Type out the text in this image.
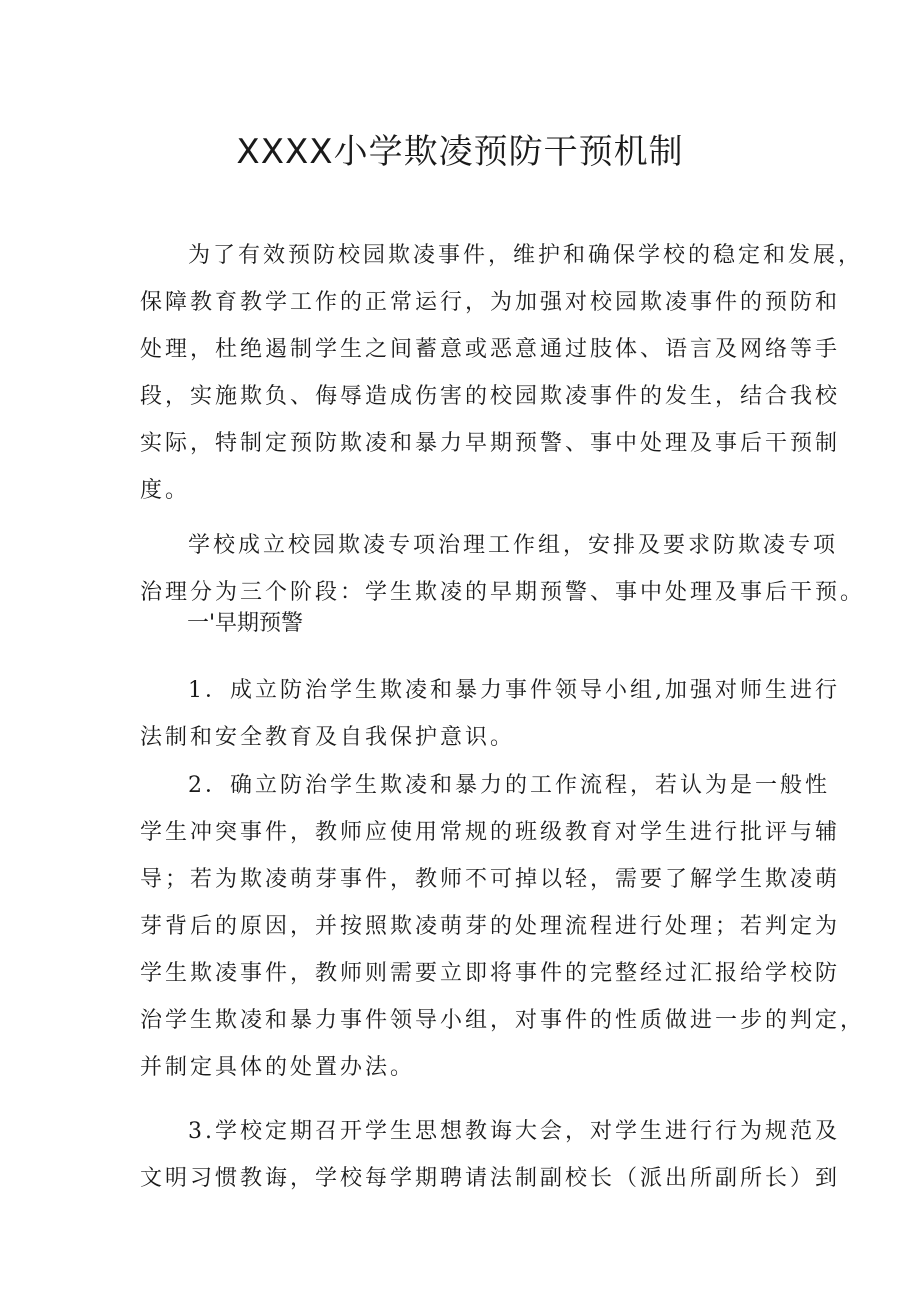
XXXX小学欺凌预防干预机制
为了有效预防校园欺凌事件，维护和确保学校的稳定和发展，
保障教育教学工作的正常运行，为加强对校园欺凌事件的预防和
处理，杜绝遏制学生之间蓄意或恶意通过肢体、语言及网络等手
段，实施欺负、侮辱造成伤害的校园欺凌事件的发生，结合我校
实际，特制定预防欺凌和暴力早期预警、事中处理及事后干预制
度。
学校成立校园欺凌专项治理工作组，安排及要求防欺凌专项
治理分为三个阶段：学生欺凌的早期预警、事中处理及事后干预。
一'早期预警
1．成立防治学生欺凌和暴力事件领导小组,加强对师生进行
法制和安全教育及自我保护意识。
2．确立防治学生欺凌和暴力的工作流程，若认为是一般性
学生冲突事件，教师应使用常规的班级教育对学生进行批评与辅
导；若为欺凌萌芽事件，教师不可掉以轻，需要了解学生欺凌萌
芽背后的原因，并按照欺凌萌芽的处理流程进行处理；若判定为
学生欺凌事件，教师则需要立即将事件的完整经过汇报给学校防
治学生欺凌和暴力事件领导小组，对事件的性质做进一步的判定，
并制定具体的处置办法。
3.学校定期召开学生思想教诲大会，对学生进行行为规范及
文明习惯教诲，学校每学期聘请法制副校长（派出所副所长）到
